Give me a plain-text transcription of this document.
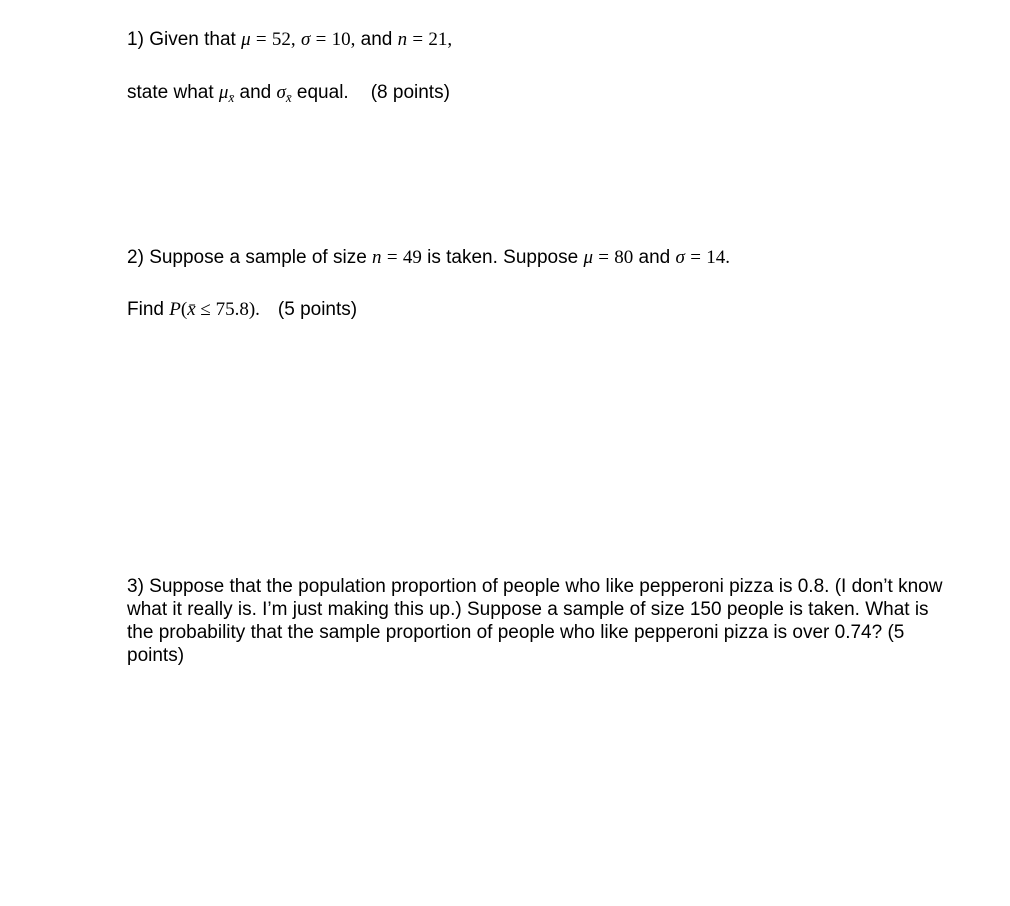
1) Given that μ = 52, σ = 10, and n = 21,
state what $\mu_{x̄}$ and $\sigma_{x̄}$ equal. (8 points)
2) Suppose a sample of size n = 49 is taken. Suppose μ = 80 and σ = 14.
Find P(x̄ ≤ 75.8). (5 points)
3) Suppose that the population proportion of people who like pepperoni pizza is 0.8. (I don’t know what it really is. I’m just making this up.) Suppose a sample of size 150 people is taken. What is the probability that the sample proportion of people who like pepperoni pizza is over 0.74? (5 points)
